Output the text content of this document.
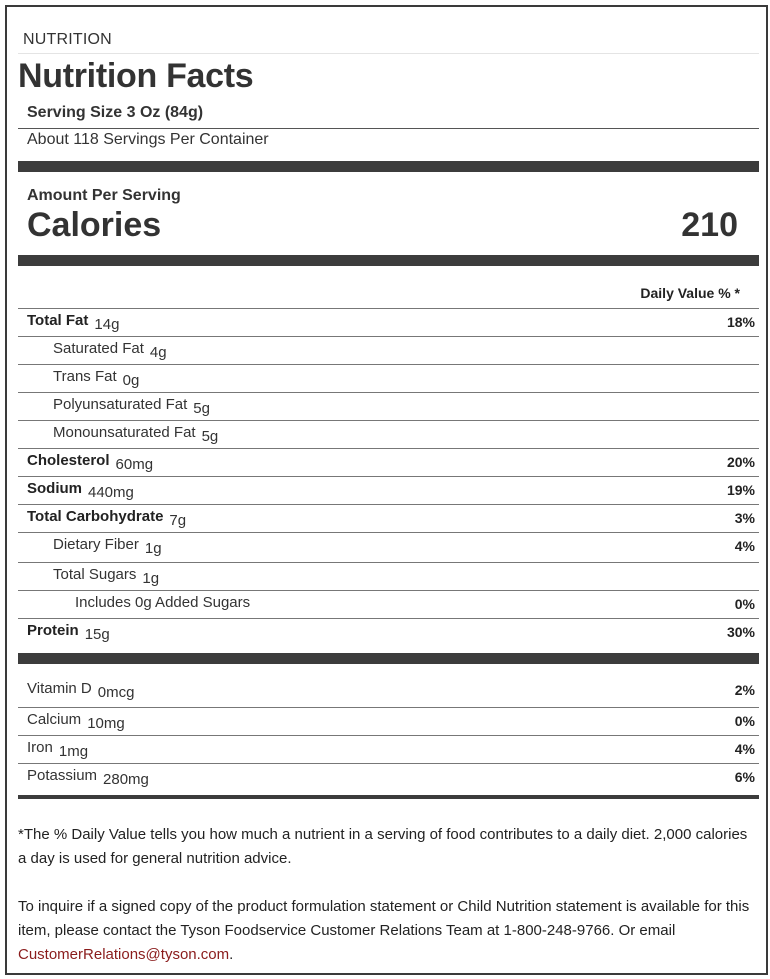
NUTRITION
Nutrition Facts
Serving Size 3 Oz (84g)
About 118 Servings Per Container
Amount Per Serving
Calories	210
Daily Value % *
Total Fat 14g	18%
Saturated Fat 4g
Trans Fat 0g
Polyunsaturated Fat 5g
Monounsaturated Fat 5g
Cholesterol 60mg	20%
Sodium 440mg	19%
Total Carbohydrate 7g	3%
Dietary Fiber 1g	4%
Total Sugars 1g
Includes 0g Added Sugars	0%
Protein 15g	30%
Vitamin D 0mcg	2%
Calcium 10mg	0%
Iron 1mg	4%
Potassium 280mg	6%
*The % Daily Value tells you how much a nutrient in a serving of food contributes to a daily diet. 2,000 calories a day is used for general nutrition advice.
To inquire if a signed copy of the product formulation statement or Child Nutrition statement is available for this item, please contact the Tyson Foodservice Customer Relations Team at 1-800-248-9766. Or email CustomerRelations@tyson.com.
